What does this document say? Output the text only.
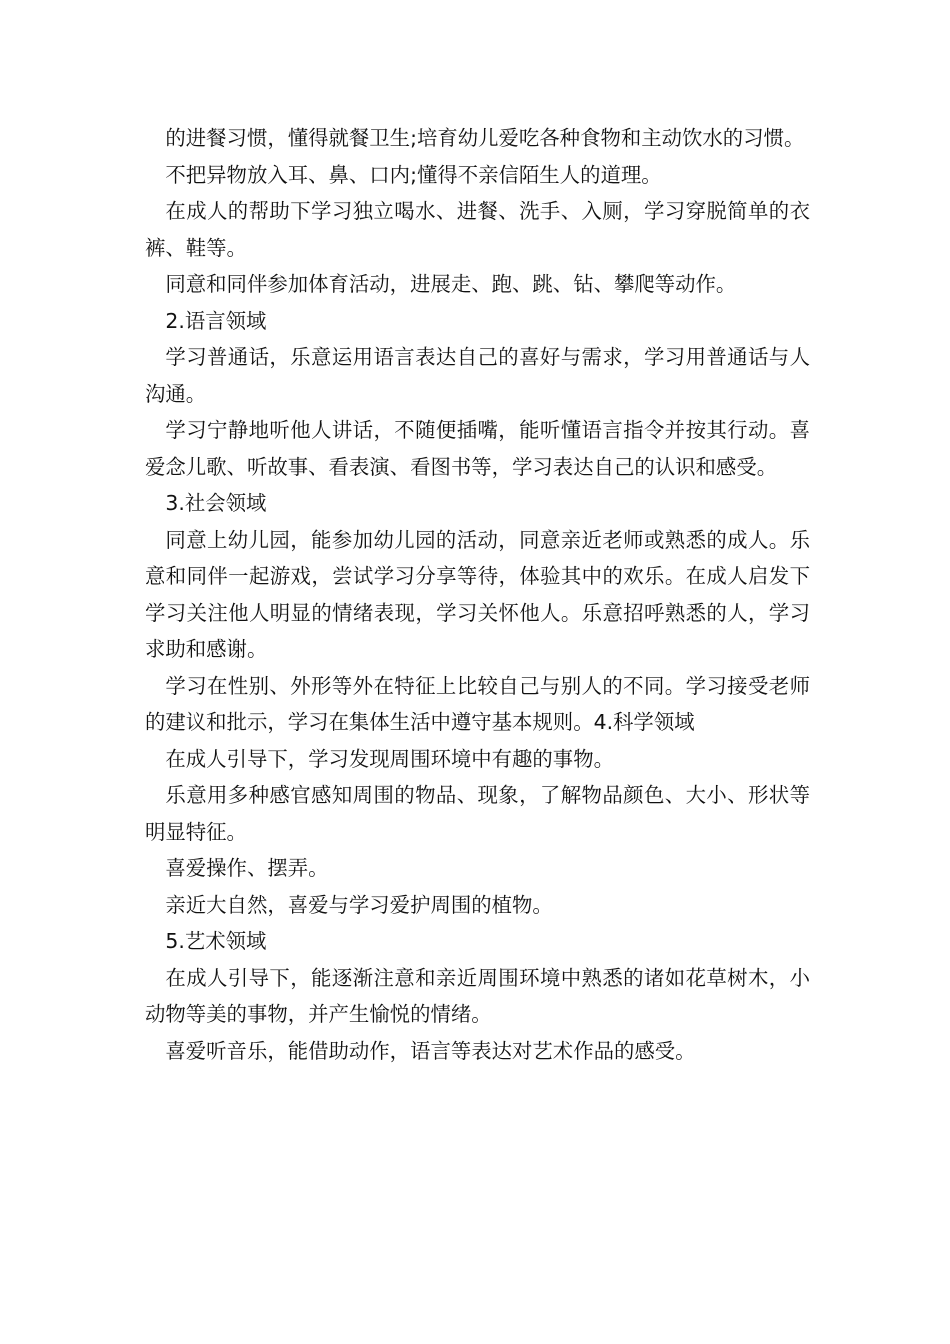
的进餐习惯，懂得就餐卫生;培育幼儿爱吃各种食物和主动饮水的习惯。

不把异物放入耳、鼻、口内;懂得不亲信陌生人的道理。

在成人的帮助下学习独立喝水、进餐、洗手、入厕，学习穿脱简单的衣裤、鞋等。

同意和同伴参加体育活动，进展走、跑、跳、钻、攀爬等动作。

2.语言领域

学习普通话，乐意运用语言表达自己的喜好与需求，学习用普通话与人沟通。

学习宁静地听他人讲话，不随便插嘴，能听懂语言指令并按其行动。喜爱念儿歌、听故事、看表演、看图书等，学习表达自己的认识和感受。

3.社会领域

同意上幼儿园，能参加幼儿园的活动，同意亲近老师或熟悉的成人。乐意和同伴一起游戏，尝试学习分享等待，体验其中的欢乐。在成人启发下学习关注他人明显的情绪表现，学习关怀他人。乐意招呼熟悉的人，学习求助和感谢。

学习在性别、外形等外在特征上比较自己与别人的不同。学习接受老师的建议和批示，学习在集体生活中遵守基本规则。4.科学领域

在成人引导下，学习发现周围环境中有趣的事物。

乐意用多种感官感知周围的物品、现象，了解物品颜色、大小、形状等明显特征。

喜爱操作、摆弄。

亲近大自然，喜爱与学习爱护周围的植物。

5.艺术领域

在成人引导下，能逐渐注意和亲近周围环境中熟悉的诸如花草树木，小动物等美的事物，并产生愉悦的情绪。

喜爱听音乐，能借助动作，语言等表达对艺术作品的感受。
